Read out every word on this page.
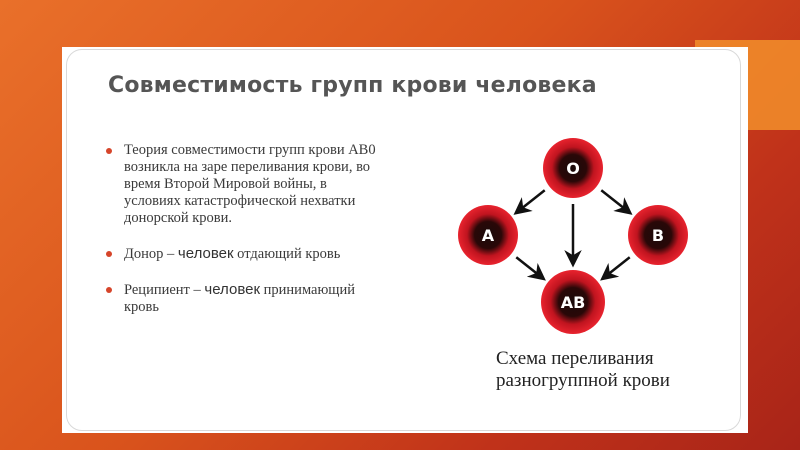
Совместимость групп крови человека
Теория совместимости групп крови АВ0 возникла на заре переливания крови, во время Второй Мировой войны, в условиях катастрофической нехватки донорской крови.
Донор – человек отдающий кровь
Реципиент – человек принимающий кровь
O
A	B
AB
Схема переливания разногруппной крови
